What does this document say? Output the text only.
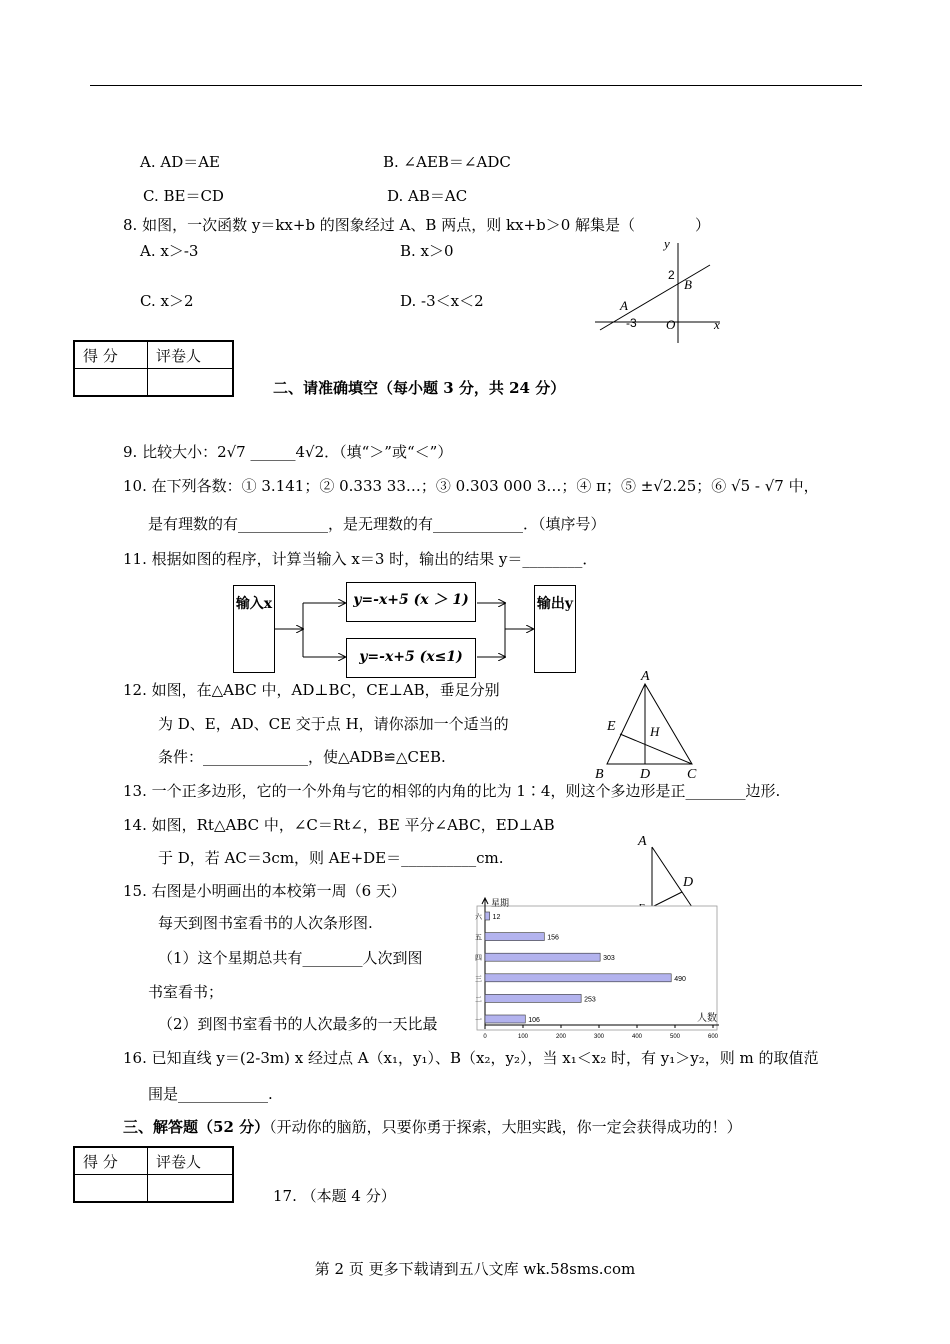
A. AD＝AE	B. ∠AEB＝∠ADC
C. BE＝CD	D. AB＝AC
8. 如图，一次函数 y＝kx+b 的图象经过 A、B 两点，则 kx+b＞0 解集是（　　　　）
A. x＞-3	B. x＞0
C. x＞2	D. -3＜x＜2
y
x
2
B
A
-3 O
得 分	评卷人

二、请准确填空（每小题 3 分，共 24 分）
9. 比较大小：2√7 ______4√2．（填“＞”或“＜”）
10. 在下列各数：① 3.141；② 0.333 33…；③ 0.303 000 3…；④ π；⑤ ±√2.25；⑥ √5 - √7 中，
是有理数的有____________，是无理数的有____________．（填序号）
11. 根据如图的程序，计算当输入 x＝3 时，输出的结果 y＝________．
输入x	y=-x+5 (x ＞ 1)
y=-x+5 (x≤1)
输出y
12. 如图，在△ABC 中，AD⊥BC，CE⊥AB，垂足分别
为 D、E，AD、CE 交于点 H，请你添加一个适当的
条件：______________，使△ADB≌△CEB.
A
E	H
B	D	C
13. 一个正多边形，它的一个外角与它的相邻的内角的比为 1∶4，则这个多边形是正________边形.
14. 如图，Rt△ABC 中，∠C＝Rt∠，BE 平分∠ABC，ED⊥AB
于 D，若 AC＝3cm，则 AE+DE＝__________cm.
A
D
15. 右图是小明画出的本校第一周（6 天）
每天到图书室看书的人次条形图.
（1）这个星期总共有________人次到图
书室看书；
（2）到图书室看书的人次最多的一天比最
星期
人数
0	100	200	300	400	500	600
六 12
五	156
四	303
三	490
二	253
一	106
16. 已知直线 y＝(2-3m) x 经过点 A（x₁，y₁）、B（x₂，y₂），当 x₁＜x₂ 时，有 y₁＞y₂，则 m 的取值范
围是____________.
三、解答题（52 分）（开动你的脑筋，只要你勇于探索，大胆实践，你一定会获得成功的！）
得 分	评卷人

17. （本题 4 分）
第 2 页 更多下载请到五八文库 wk.58sms.com
